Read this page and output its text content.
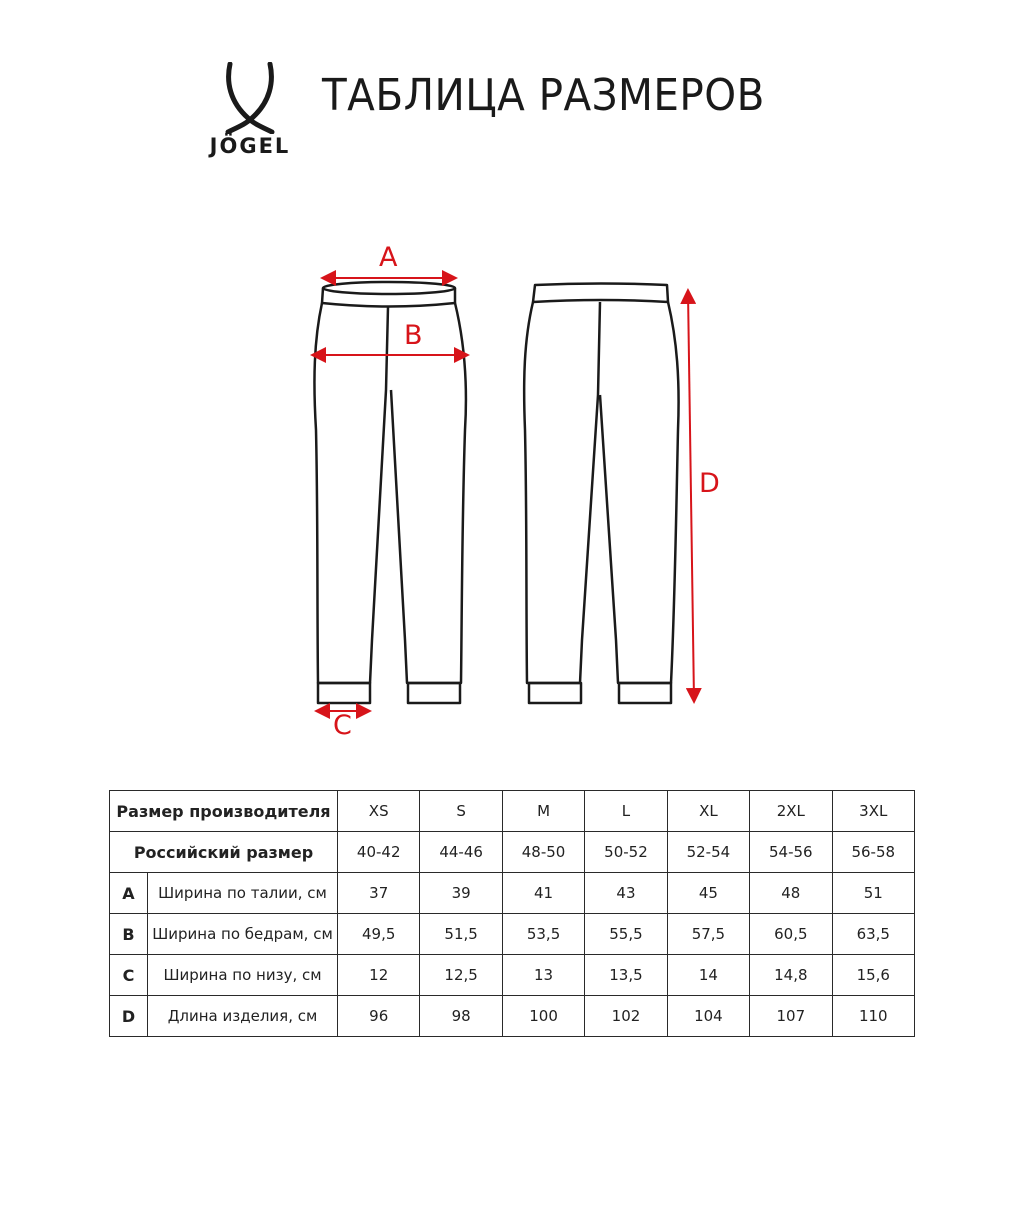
JÖGEL
ТАБЛИЦА РАЗМЕРОВ
A
B
C
D
Размер производителя		XS	S	M	L	XL	2XL	3XL
Российский размер		40-42	44-46	48-50	50-52	52-54	54-56	56-58
A	Ширина по талии, см	37	39	41	43	45	48	51
B	Ширина по бедрам, см	49,5	51,5	53,5	55,5	57,5	60,5	63,5
C	Ширина по низу, см	12	12,5	13	13,5	14	14,8	15,6
D	Длина изделия, см	96	98	100	102	104	107	110
